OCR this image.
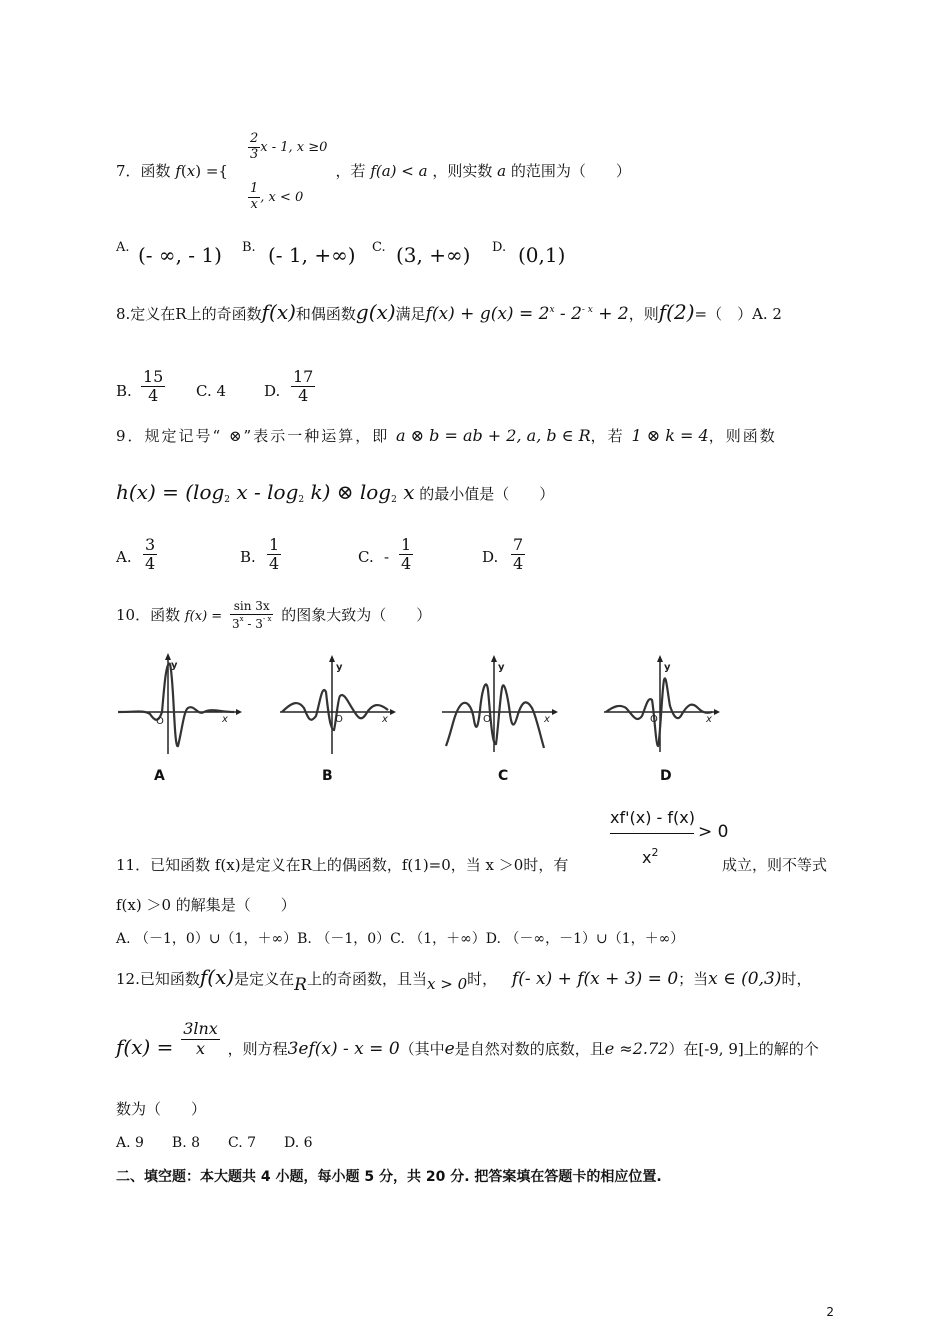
$\frac{2}{3}$ x - 1, x ≥0
$\frac{1}{x}$ , x < 0
7．函数 f(x) ={	，若 f(a) < a ，则实数 a 的范围为（　　）
A. (- ∞, - 1) B. (- 1, +∞) C. (3, +∞) D. (0,1)
8.定义在R上的奇函数f(x)和偶函数g(x)满足$f(x) + g(x) = 2^x - 2^{- x} + 2$，则f(2)=（　）A. 2
B. $\frac{15}{4} C$. 4	D. $\frac{17}{4}$
9．规定记号“ ⊗”表示一种运算，即 a ⊗ b = ab + 2, a, b ∈ R，若 1 ⊗ k = 4，则函数
$h(x) = (\log_2$ x - $\log_2 k$) ⊗ $\log_2 x$ 的最小值是（　　）
A. $\frac{3}{4}$	B. $\frac{1}{4}$	C. - $\frac{1}{4}$	D. $\frac{7}{4}$
10．函数 $f(x) = \frac{\sin 3x}{3^x - 3^{- x}}$ 的图象大致为（　　）
y
x
O
A
y
x
O
B
y
x
O
C
y
x
O
D
xf'(x) - f(x)
> 0
$x^2$
11．已知函数 f(x)是定义在R上的偶函数，f(1)=0，当 x ＞0时，有	成立，则不等式
f(x) ＞0 的解集是（　　）
A. （－1，0）∪（1，＋∞）B. （－1，0）C. （1，＋∞）D. （－∞，－1）∪（1，＋∞）
12.已知函数f(x)是定义在R上的奇函数，且当x > 0时， f(- x) + f(x + 3) = 0；当x ∈ (0,3)时，
$f(x) = \frac{3\ln x}{x}$ ，则方程3ef(x) - x = 0（其中e是自然对数的底数，且e ≈2.72）在[-9, 9]上的解的个
数为（　　）
A. 9　　B. 8　　C. 7　　D. 6
二、填空题：本大题共 4 小题，每小题 5 分，共 20 分. 把答案填在答题卡的相应位置.
2
